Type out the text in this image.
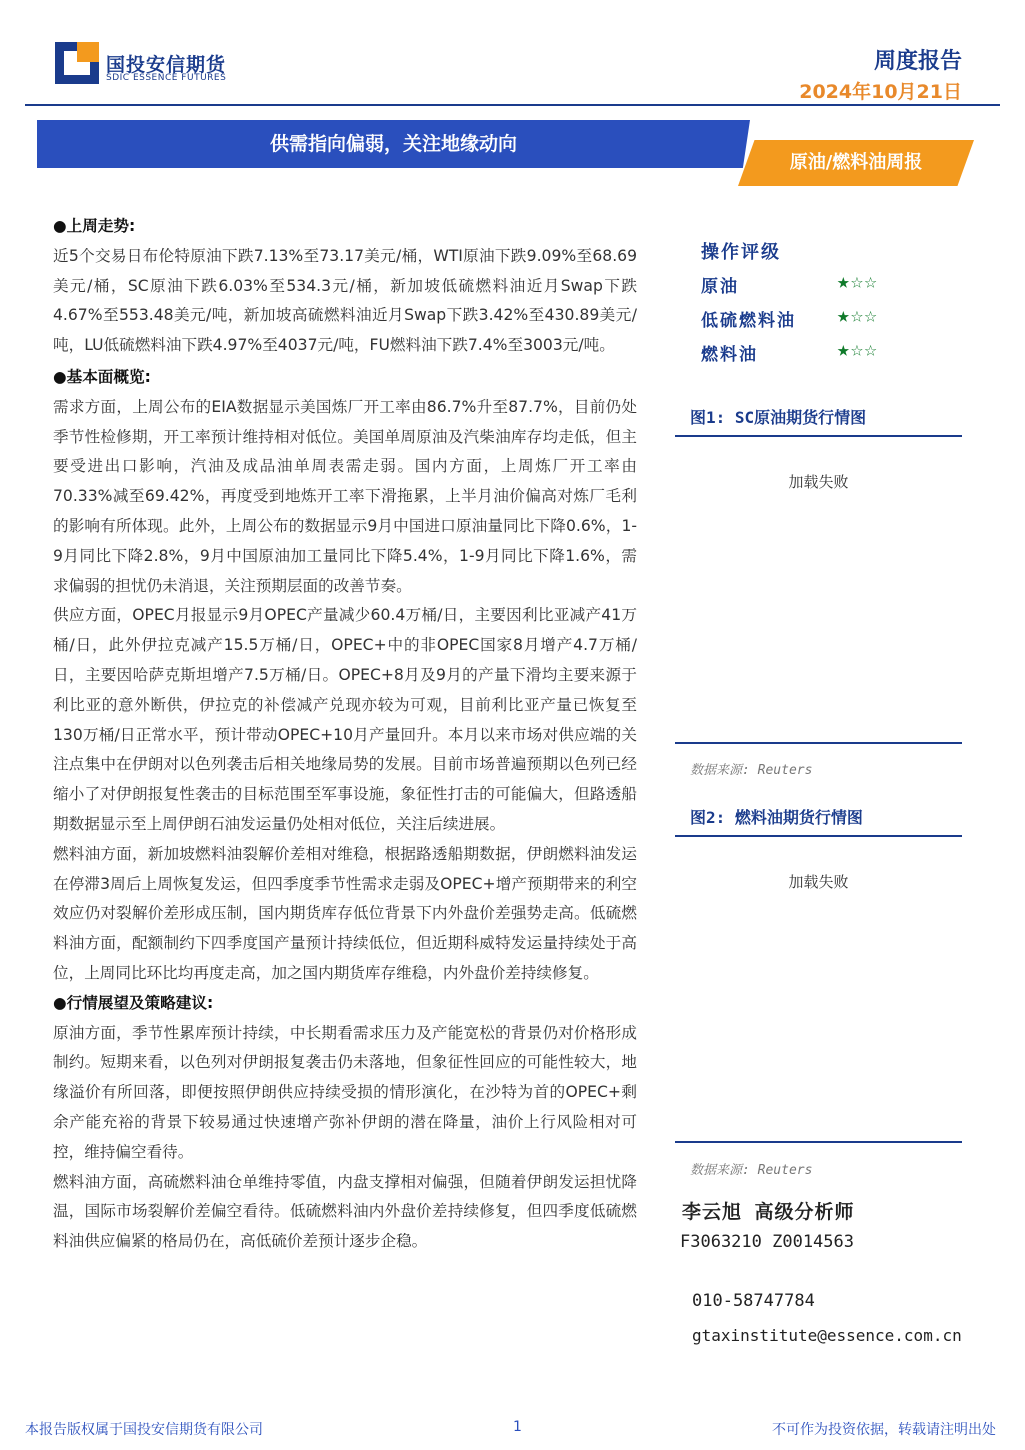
国投安信期货
SDIC ESSENCE FUTURES
周度报告
2024年10月21日
供需指向偏弱，关注地缘动向
原油/燃料油周报
●上周走势:

近5个交易日布伦特原油下跌7.13%至73.17美元/桶，WTI原油下跌9.09%至68.69美元/桶，SC原油下跌6.03%至534.3元/桶，新加坡低硫燃料油近月Swap下跌4.67%至553.48美元/吨，新加坡高硫燃料油近月Swap下跌3.42%至430.89美元/吨，LU低硫燃料油下跌4.97%至4037元/吨，FU燃料油下跌7.4%至3003元/吨。

●基本面概览:

需求方面，上周公布的EIA数据显示美国炼厂开工率由86.7%升至87.7%，目前仍处季节性检修期，开工率预计维持相对低位。美国单周原油及汽柴油库存均走低，但主要受进出口影响，汽油及成品油单周表需走弱。国内方面，上周炼厂开工率由70.33%减至69.42%，再度受到地炼开工率下滑拖累，上半月油价偏高对炼厂毛利的影响有所体现。此外，上周公布的数据显示9月中国进口原油量同比下降0.6%，1-9月同比下降2.8%，9月中国原油加工量同比下降5.4%，1-9月同比下降1.6%，需求偏弱的担忧仍未消退，关注预期层面的改善节奏。

供应方面，OPEC月报显示9月OPEC产量减少60.4万桶/日，主要因利比亚减产41万桶/日，此外伊拉克减产15.5万桶/日，OPEC+中的非OPEC国家8月增产4.7万桶/日，主要因哈萨克斯坦增产7.5万桶/日。OPEC+8月及9月的产量下滑均主要来源于利比亚的意外断供，伊拉克的补偿减产兑现亦较为可观，目前利比亚产量已恢复至130万桶/日正常水平，预计带动OPEC+10月产量回升。本月以来市场对供应端的关注点集中在伊朗对以色列袭击后相关地缘局势的发展。目前市场普遍预期以色列已经缩小了对伊朗报复性袭击的目标范围至军事设施，象征性打击的可能偏大，但路透船期数据显示至上周伊朗石油发运量仍处相对低位，关注后续进展。

燃料油方面，新加坡燃料油裂解价差相对维稳，根据路透船期数据，伊朗燃料油发运在停滞3周后上周恢复发运，但四季度季节性需求走弱及OPEC+增产预期带来的利空效应仍对裂解价差形成压制，国内期货库存低位背景下内外盘价差强势走高。低硫燃料油方面，配额制约下四季度国产量预计持续低位，但近期科威特发运量持续处于高位，上周同比环比均再度走高，加之国内期货库存维稳，内外盘价差持续修复。

●行情展望及策略建议:

原油方面，季节性累库预计持续，中长期看需求压力及产能宽松的背景仍对价格形成制约。短期来看，以色列对伊朗报复袭击仍未落地，但象征性回应的可能性较大，地缘溢价有所回落，即便按照伊朗供应持续受损的情形演化，在沙特为首的OPEC+剩余产能充裕的背景下较易通过快速增产弥补伊朗的潜在降量，油价上行风险相对可控，维持偏空看待。

燃料油方面，高硫燃料油仓单维持零值，内盘支撑相对偏强，但随着伊朗发运担忧降温，国际市场裂解价差偏空看待。低硫燃料油内外盘价差持续修复，但四季度低硫燃料油供应偏紧的格局仍在，高低硫价差预计逐步企稳。

操作评级
原油	★☆☆
低硫燃料油 ★☆☆
燃料油	★☆☆
图1: SC原油期货行情图
加载失败
数据来源: Reuters
图2: 燃料油期货行情图
加载失败
数据来源: Reuters
李云旭 高级分析师
F3063210 Z0014563
010-58747784
gtaxinstitute@essence.com.cn
本报告版权属于国投安信期货有限公司	1	不可作为投资依据，转载请注明出处
